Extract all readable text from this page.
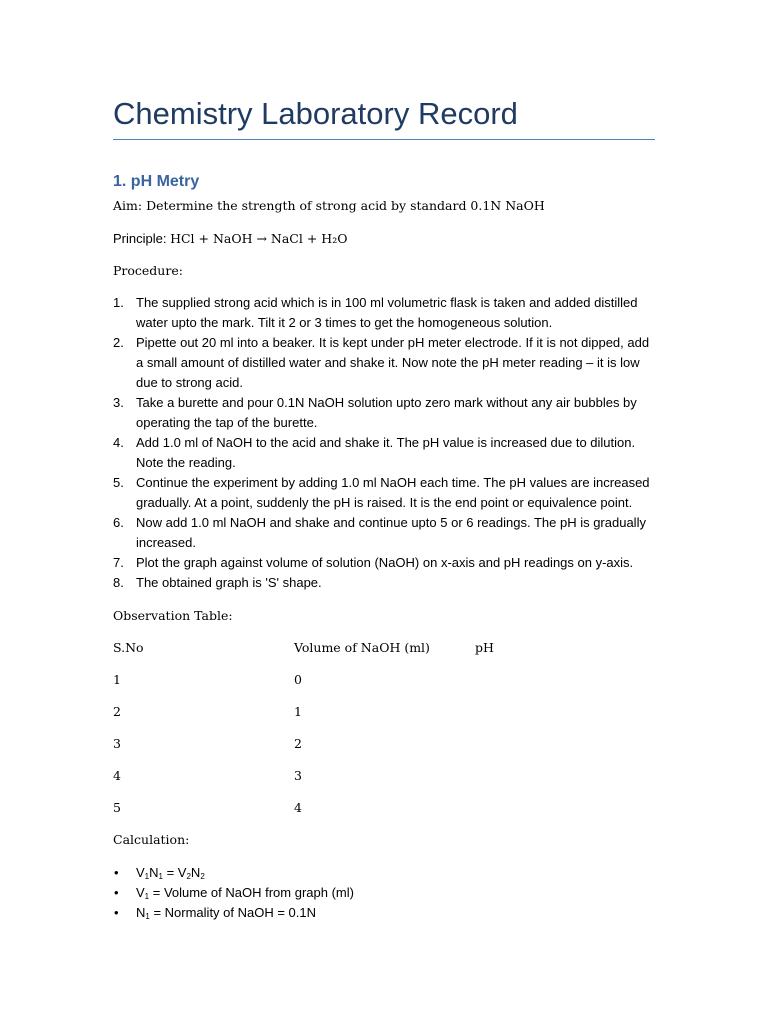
Chemistry Laboratory Record
1. pH Metry
Aim: Determine the strength of strong acid by standard 0.1N NaOH
Principle: HCl + NaOH → NaCl + H₂O
Procedure:
1. The supplied strong acid which is in 100 ml volumetric flask is taken and added distilled water upto the mark. Tilt it 2 or 3 times to get the homogeneous solution.
2. Pipette out 20 ml into a beaker. It is kept under pH meter electrode. If it is not dipped, add a small amount of distilled water and shake it. Now note the pH meter reading – it is low due to strong acid.
3. Take a burette and pour 0.1N NaOH solution upto zero mark without any air bubbles by operating the tap of the burette.
4. Add 1.0 ml of NaOH to the acid and shake it. The pH value is increased due to dilution. Note the reading.
5. Continue the experiment by adding 1.0 ml NaOH each time. The pH values are increased gradually. At a point, suddenly the pH is raised. It is the end point or equivalence point.
6. Now add 1.0 ml NaOH and shake and continue upto 5 or 6 readings. The pH is gradually increased.
7. Plot the graph against volume of solution (NaOH) on x-axis and pH readings on y-axis.
8. The obtained graph is 'S' shape.
Observation Table:
S.No	Volume of NaOH (ml)	pH
1	0
2	1
3	2
4	3
5	4
Calculation:
• $V_1N_1 = V_2N_2$
• $V_1$ = Volume of NaOH from graph (ml)
• $N_1$ = Normality of NaOH = 0.1N
